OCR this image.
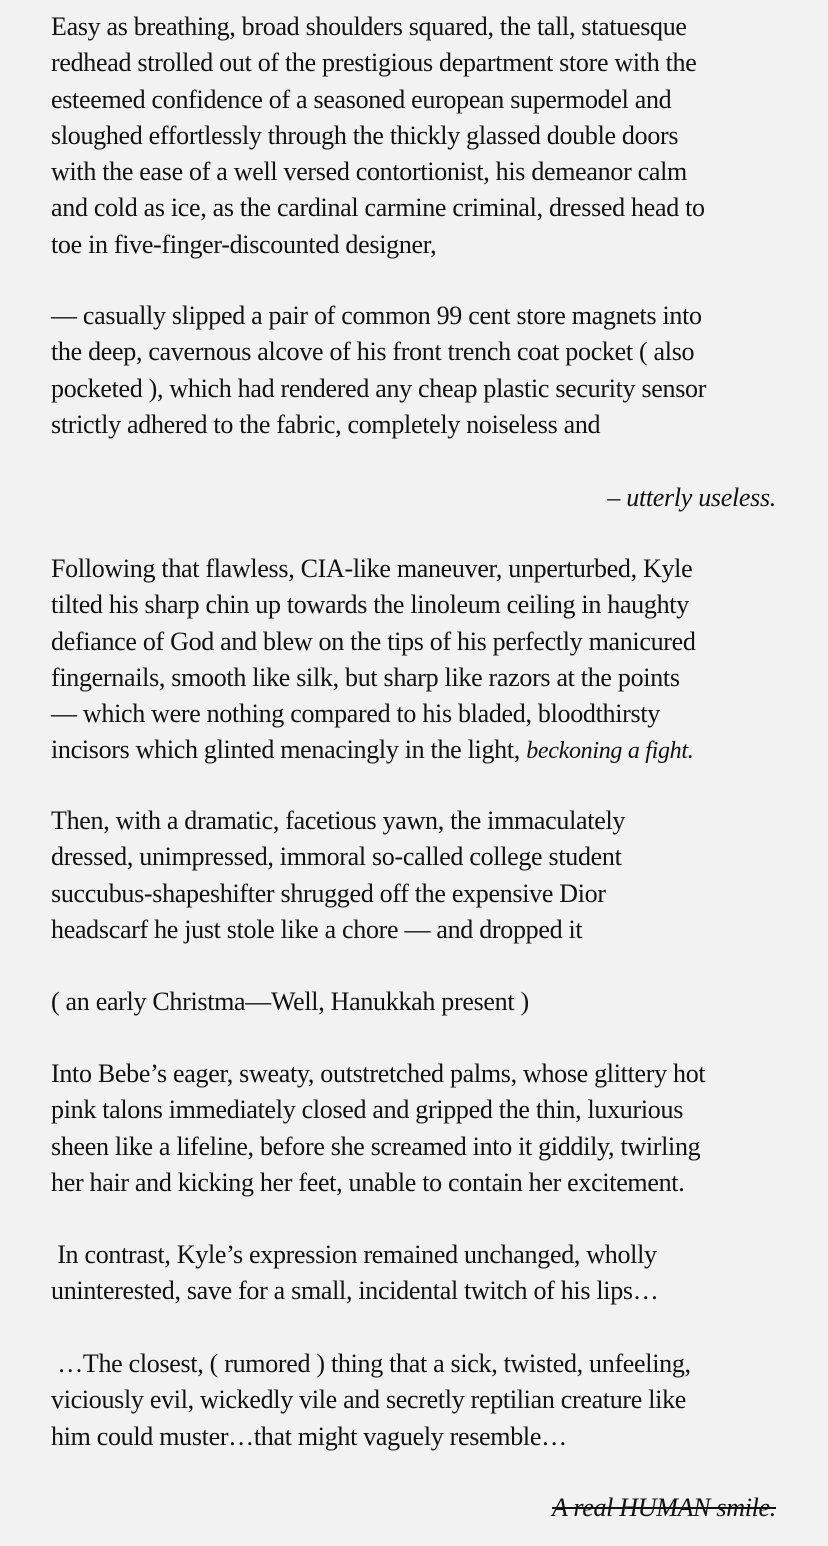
Easy as breathing, broad shoulders squared, the tall, statuesque
redhead strolled out of the prestigious department store with the
esteemed confidence of a seasoned european supermodel and
sloughed effortlessly through the thickly glassed double doors
with the ease of a well versed contortionist, his demeanor calm
and cold as ice, as the cardinal carmine criminal, dressed head to
toe in five-finger-discounted designer,
— casually slipped a pair of common 99 cent store magnets into
the deep, cavernous alcove of his front trench coat pocket ( also
pocketed ), which had rendered any cheap plastic security sensor
strictly adhered to the fabric, completely noiseless and
– utterly useless.
Following that flawless, CIA-like maneuver, unperturbed, Kyle
tilted his sharp chin up towards the linoleum ceiling in haughty
defiance of God and blew on the tips of his perfectly manicured
fingernails, smooth like silk, but sharp like razors at the points
— which were nothing compared to his bladed, bloodthirsty
incisors which glinted menacingly in the light, beckoning a fight.
Then, with a dramatic, facetious yawn, the immaculately
dressed, unimpressed, immoral so-called college student
succubus-shapeshifter shrugged off the expensive Dior
headscarf he just stole like a chore — and dropped it
( an early Christma—Well, Hanukkah present )
Into Bebe’s eager, sweaty, outstretched palms, whose glittery hot
pink talons immediately closed and gripped the thin, luxurious
sheen like a lifeline, before she screamed into it giddily, twirling
her hair and kicking her feet, unable to contain her excitement.
In contrast, Kyle’s expression remained unchanged, wholly
uninterested, save for a small, incidental twitch of his lips…
…The closest, ( rumored ) thing that a sick, twisted, unfeeling,
viciously evil, wickedly vile and secretly reptilian creature like
him could muster…that might vaguely resemble…
A real HUMAN smile.
